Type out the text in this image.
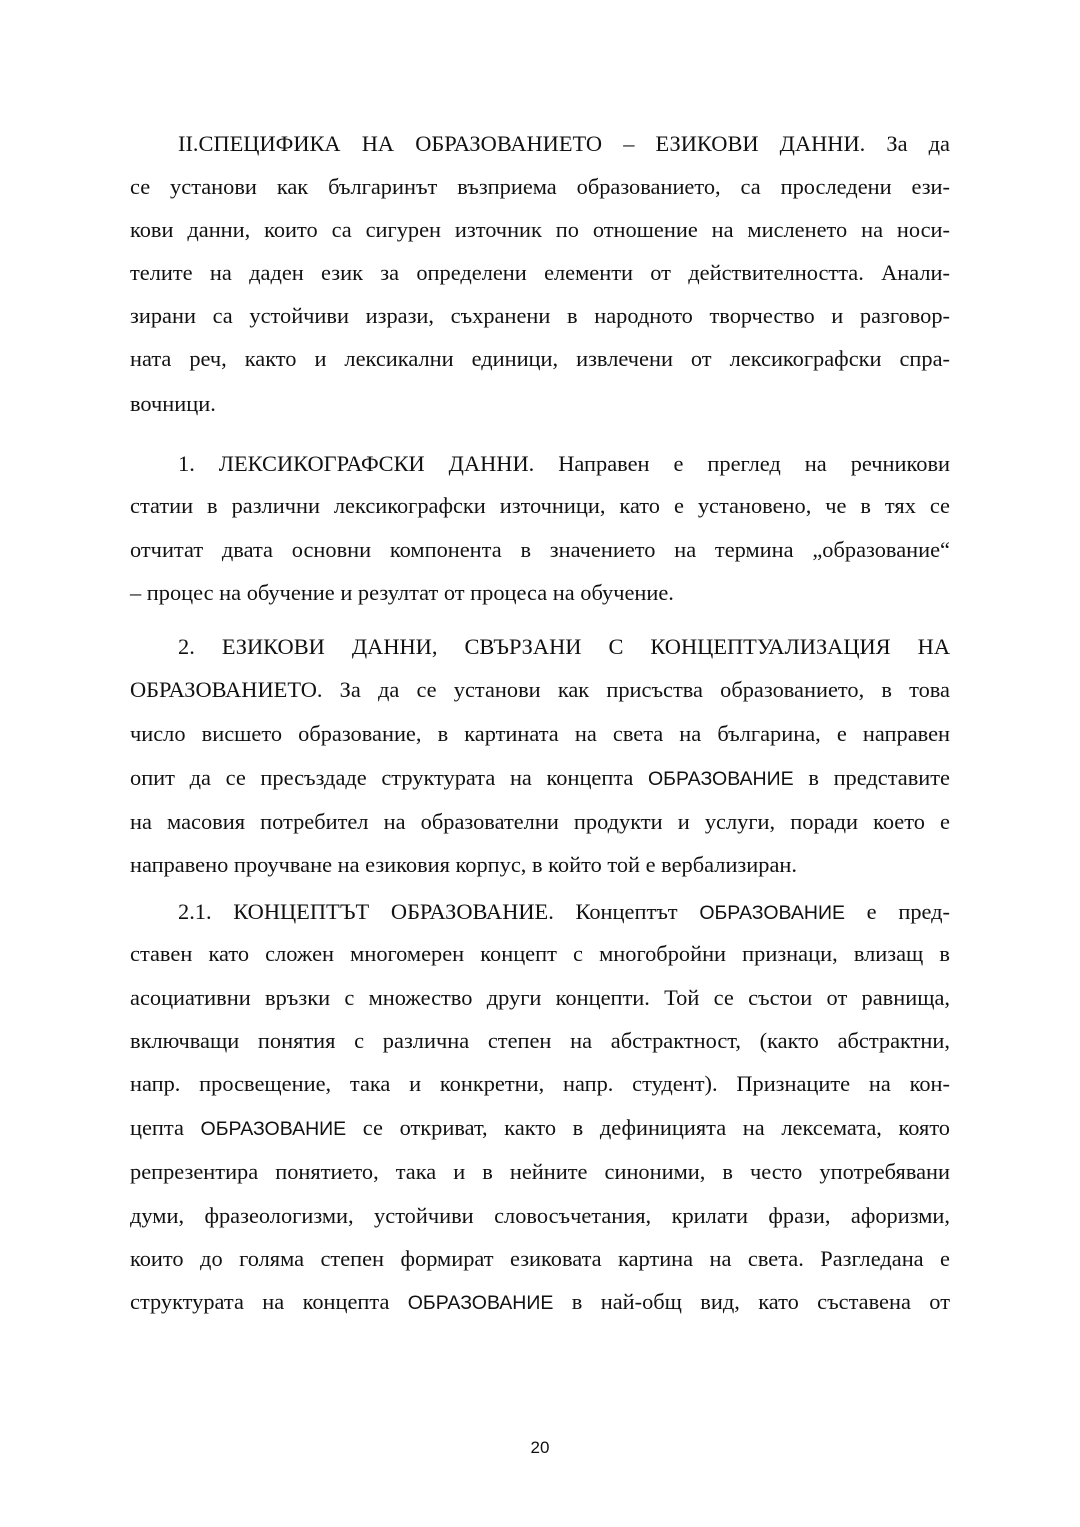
II.СПЕЦИФИКА НА ОБРАЗОВАНИЕТО – ЕЗИКОВИ ДАННИ. За да
се установи как българинът възприема образованието, са проследени ези-
кови данни, които са сигурен източник по отношение на мисленето на носи-
телите на даден език за определени елементи от действителността. Анали-
зирани са устойчиви изрази, съхранени в народното творчество и разговор-
ната реч, както и лексикални единици, извлечени от лексикографски спра-
вочници.
1. ЛЕКСИКОГРАФСКИ ДАННИ. Направен е преглед на речникови
статии в различни лексикографски източници, като е установено, че в тях се
отчитат двата основни компонента в значението на термина „образование“
– процес на обучение и резултат от процеса на обучение.
2. ЕЗИКОВИ ДАННИ, СВЪРЗАНИ С КОНЦЕПТУАЛИЗАЦИЯ НА
ОБРАЗОВАНИЕТО. За да се установи как присъства образованието, в това
число висшето образование, в картината на света на българина, е направен
опит да се пресъздаде структурата на концепта ОБРАЗОВАНИЕ в представите
на масовия потребител на образователни продукти и услуги, поради което е
направено проучване на езиковия корпус, в който той е вербализиран.
2.1. КОНЦЕПТЪТ ОБРАЗОВАНИЕ. Концептът ОБРАЗОВАНИЕ е пред-
ставен като сложен многомерен концепт с многобройни признаци, влизащ в
асоциативни връзки с множество други концепти. Той се състои от равнища,
включващи понятия с различна степен на абстрактност, (както абстрактни,
напр. просвещение, така и конкретни, напр. студент). Признаците на кон-
цепта ОБРАЗОВАНИЕ се откриват, както в дефиницията на лексемата, която
репрезентира понятието, така и в нейните синоними, в често употребявани
думи, фразеологизми, устойчиви словосъчетания, крилати фрази, афоризми,
които до голяма степен формират езиковата картина на света. Разгледана е
структурата на концепта ОБРАЗОВАНИЕ в най-общ вид, като съставена от
20
